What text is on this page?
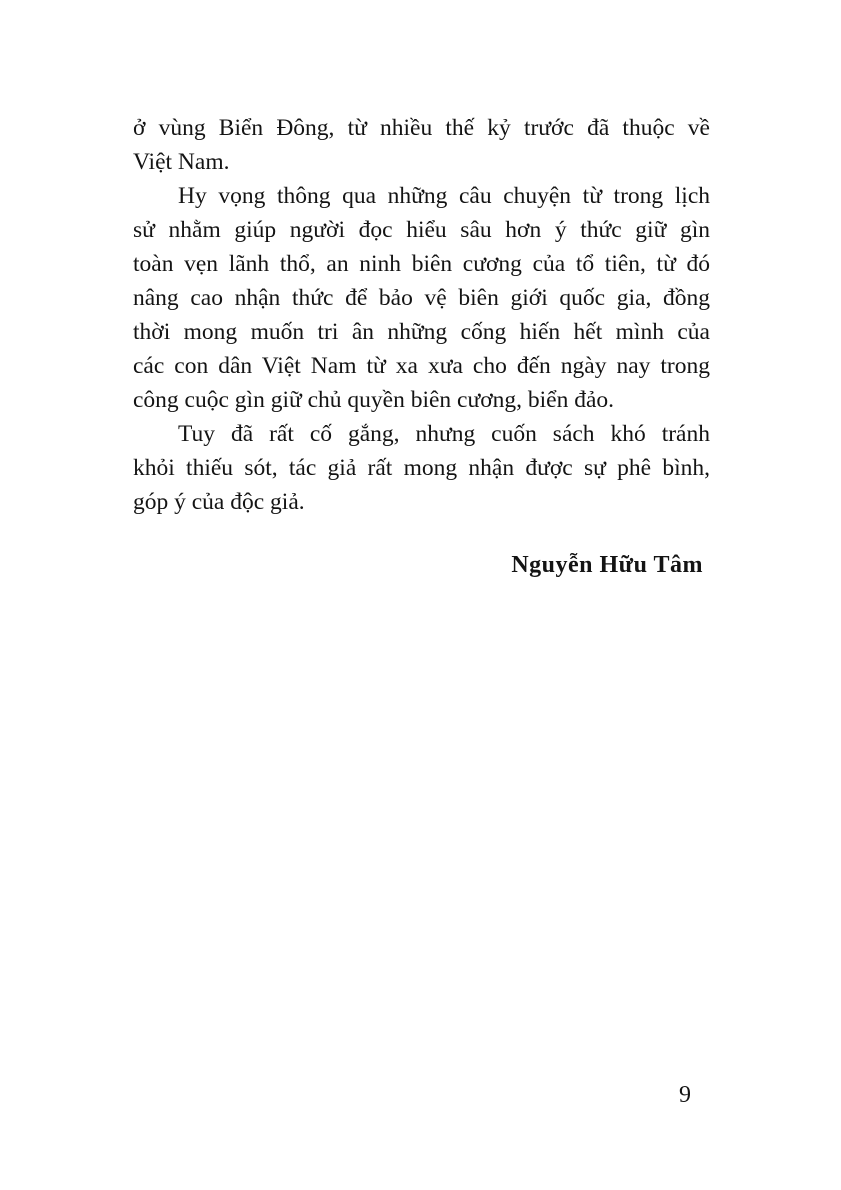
ở vùng Biển Đông, từ nhiều thế kỷ trước đã thuộc về
Việt Nam.
Hy vọng thông qua những câu chuyện từ trong lịch
sử nhằm giúp người đọc hiểu sâu hơn ý thức giữ gìn
toàn vẹn lãnh thổ, an ninh biên cương của tổ tiên, từ đó
nâng cao nhận thức để bảo vệ biên giới quốc gia, đồng
thời mong muốn tri ân những cống hiến hết mình của
các con dân Việt Nam từ xa xưa cho đến ngày nay trong
công cuộc gìn giữ chủ quyền biên cương, biển đảo.
Tuy đã rất cố gắng, nhưng cuốn sách khó tránh
khỏi thiếu sót, tác giả rất mong nhận được sự phê bình,
góp ý của độc giả.
Nguyễn Hữu Tâm
9
